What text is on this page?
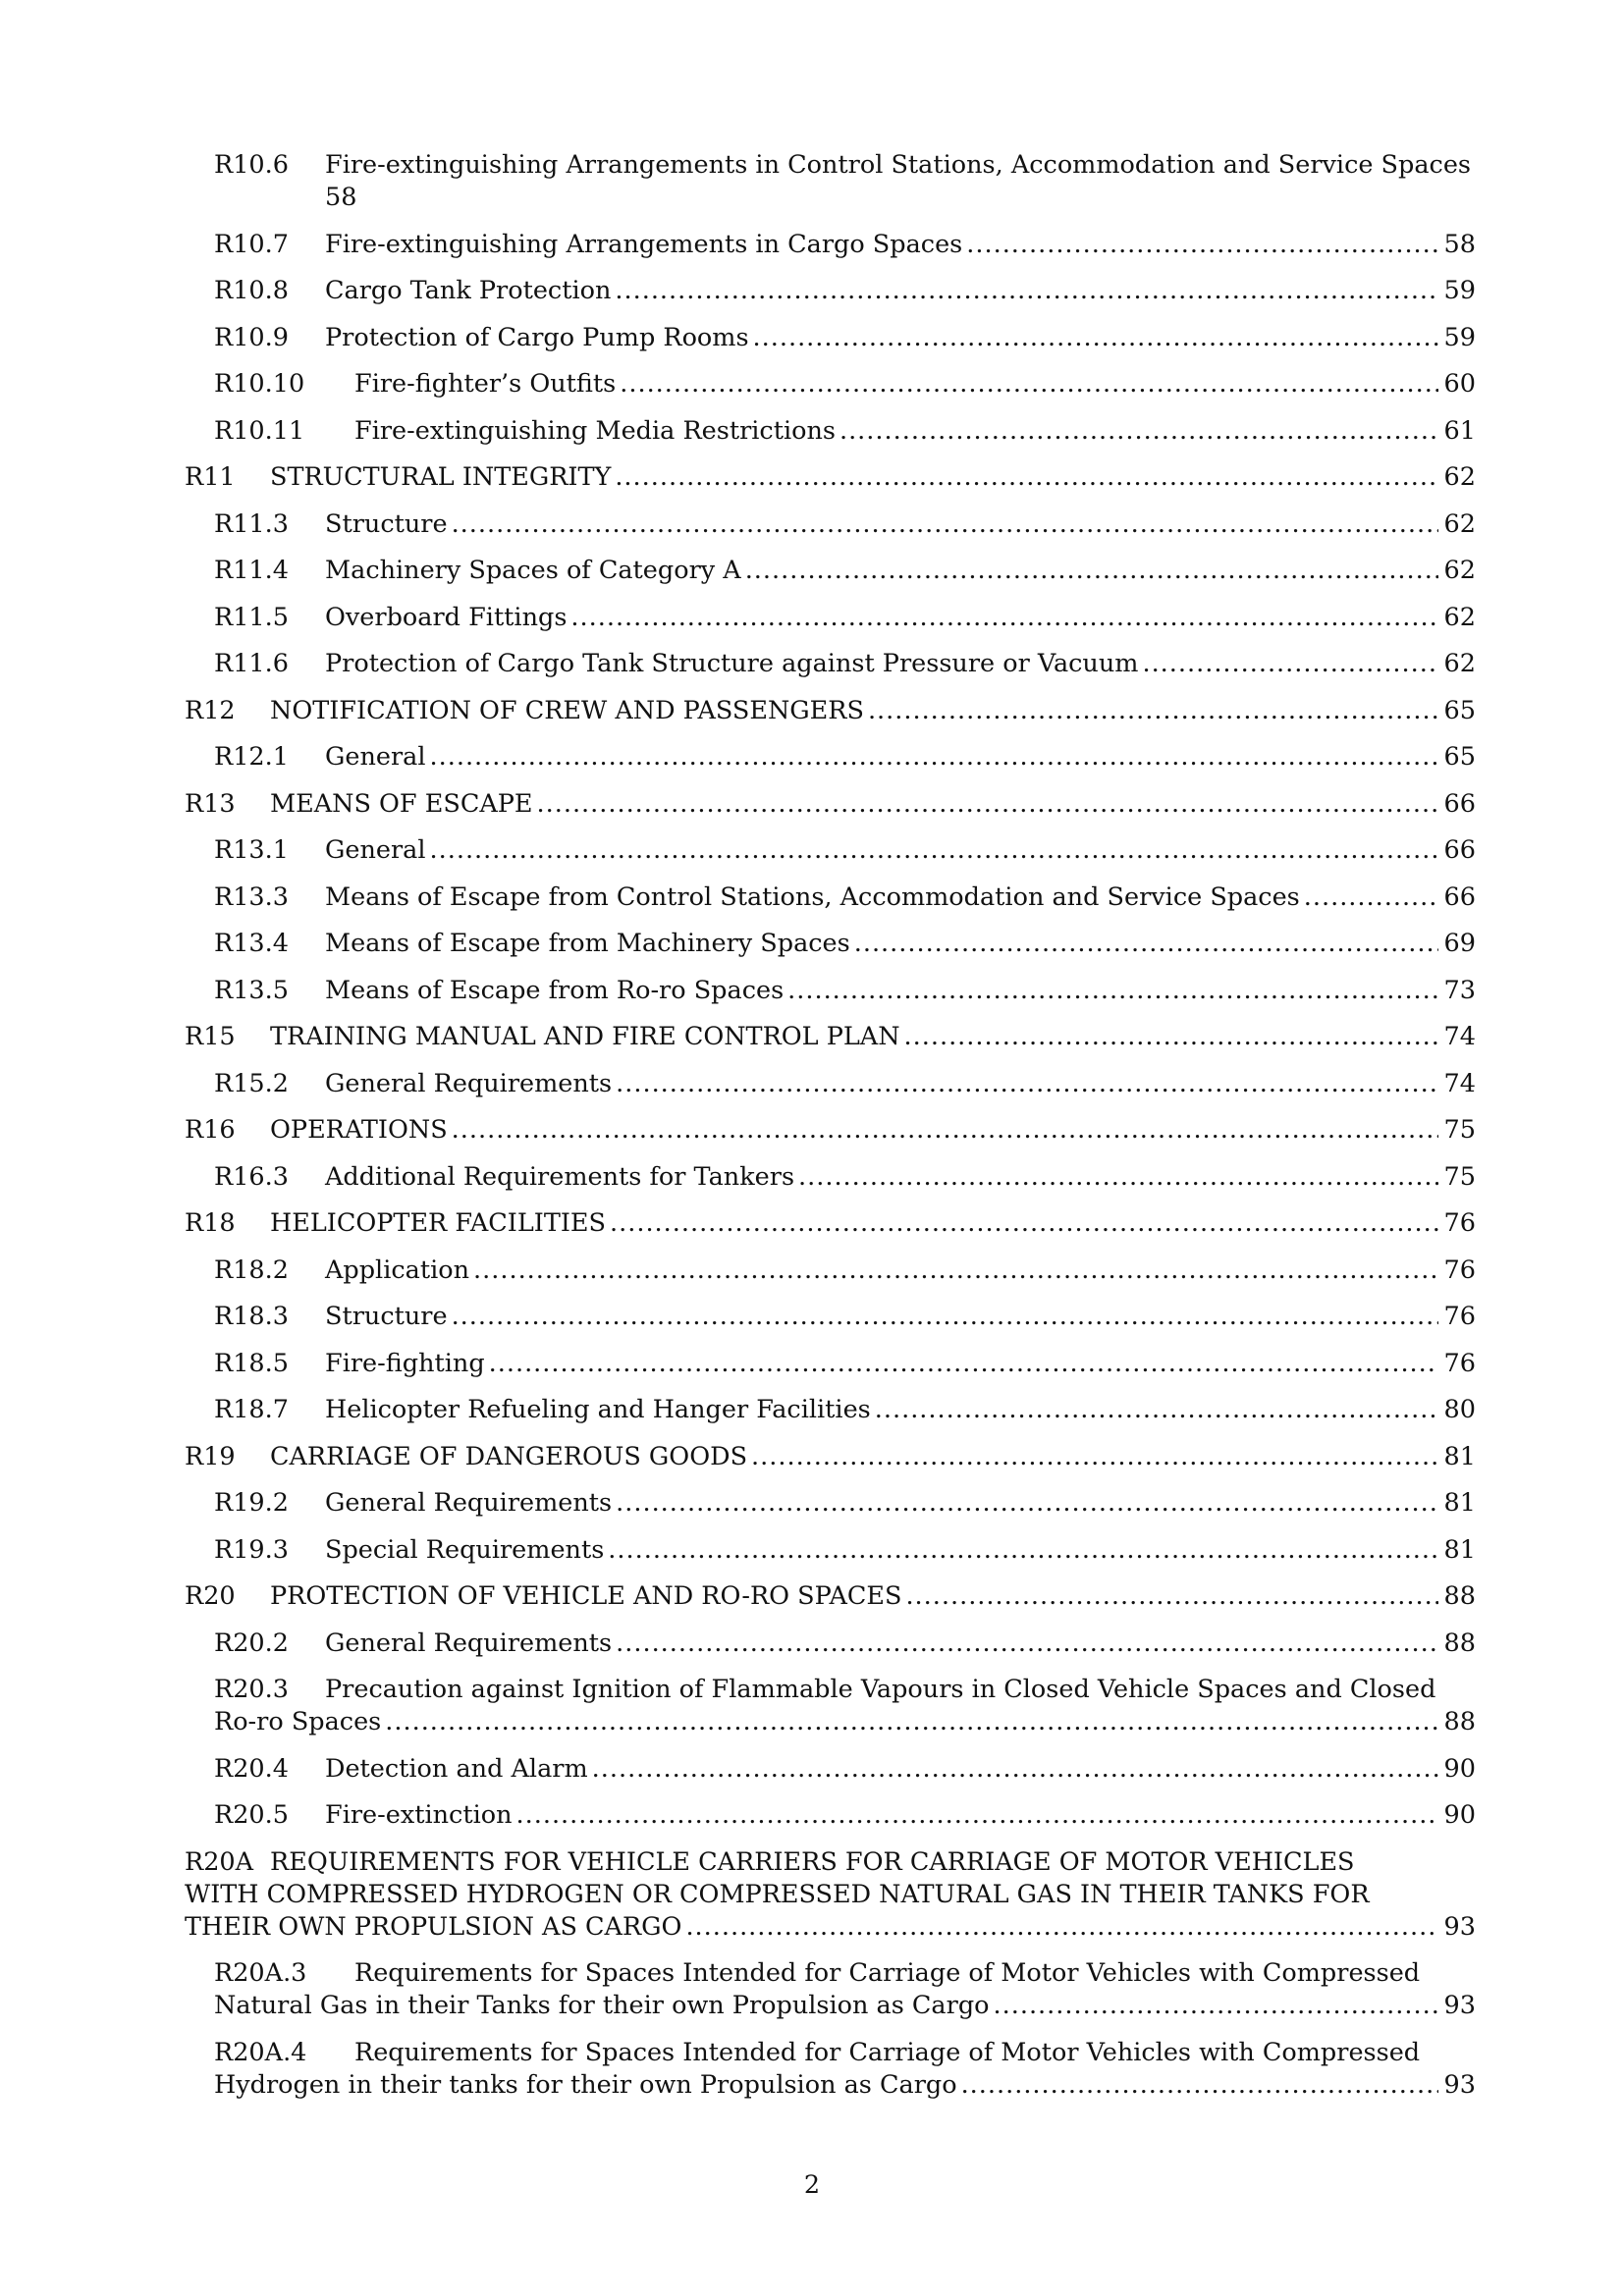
R10.6	Fire-extinguishing Arrangements in Control Stations, Accommodation and Service Spaces
58
R10.7	Fire-extinguishing Arrangements in Cargo Spaces .....	58
R10.8	Cargo Tank Protection .....	59
R10.9	Protection of Cargo Pump Rooms .....	59
R10.10	Fire-fighter’s Outfits .....	60
R10.11	Fire-extinguishing Media Restrictions .....	61
R11	STRUCTURAL INTEGRITY .....	62
R11.3	Structure .....	62
R11.4	Machinery Spaces of Category A .....	62
R11.5	Overboard Fittings .....	62
R11.6	Protection of Cargo Tank Structure against Pressure or Vacuum .....	62
R12	NOTIFICATION OF CREW AND PASSENGERS .....	65
R12.1	General .....	65
R13	MEANS OF ESCAPE .....	66
R13.1	General .....	66
R13.3	Means of Escape from Control Stations, Accommodation and Service Spaces .....	66
R13.4	Means of Escape from Machinery Spaces .....	69
R13.5	Means of Escape from Ro-ro Spaces .....	73
R15	TRAINING MANUAL AND FIRE CONTROL PLAN .....	74
R15.2	General Requirements .....	74
R16	OPERATIONS .....	75
R16.3	Additional Requirements for Tankers .....	75
R18	HELICOPTER FACILITIES .....	76
R18.2	Application .....	76
R18.3	Structure .....	76
R18.5	Fire-fighting .....	76
R18.7	Helicopter Refueling and Hanger Facilities .....	80
R19	CARRIAGE OF DANGEROUS GOODS .....	81
R19.2	General Requirements .....	81
R19.3	Special Requirements .....	81
R20	PROTECTION OF VEHICLE AND RO-RO SPACES .....	88
R20.2	General Requirements .....	88
R20.3	Precaution against Ignition of Flammable Vapours in Closed Vehicle Spaces and Closed
Ro-ro Spaces .....	88
R20.4	Detection and Alarm .....	90
R20.5	Fire-extinction .....	90
R20A REQUIREMENTS FOR VEHICLE CARRIERS FOR CARRIAGE OF MOTOR VEHICLES
WITH COMPRESSED HYDROGEN OR COMPRESSED NATURAL GAS IN THEIR TANKS FOR
THEIR OWN PROPULSION AS CARGO .....	93
R20A.3	Requirements for Spaces Intended for Carriage of Motor Vehicles with Compressed
Natural Gas in their Tanks for their own Propulsion as Cargo .....	93
R20A.4	Requirements for Spaces Intended for Carriage of Motor Vehicles with Compressed
Hydrogen in their tanks for their own Propulsion as Cargo .....	93
2
